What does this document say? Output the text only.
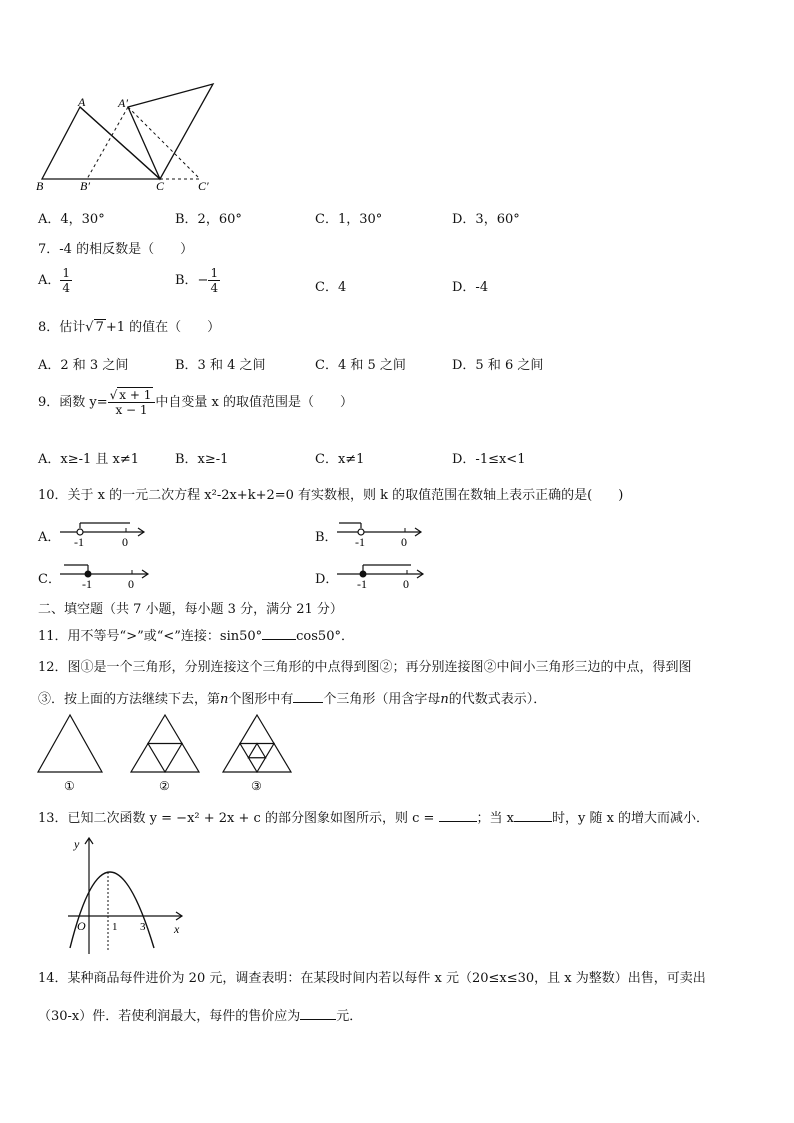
A	A′
B	B′	C	C′
A．4，30°	B．2，60°	C．1，30°	D．3，60°
7．-4 的相反数是（　　）
A． $\frac{1}{4}$	B．− $\frac{1}{4}$	C．4	D．-4
8．估计√ 7 +1 的值在（　　）
A．2 和 3 之间	B．3 和 4 之间	C．4 和 5 之间	D．5 和 6 之间
9．函数 $y= \frac{√ x + 1}{x - 1}$ 中自变量 x 的取值范围是（　　）
A．x≥-1 且 x≠1	B．x≥-1	C．x≠1	D．-1≤x<1
10．关于 x 的一元二次方程 x²-2x+k+2=0 有实数根，则 k 的取值范围在数轴上表示正确的是(　　)
A． -1	0	B． -1	0
C． -1	0	D． -1	0
二、填空题（共 7 小题，每小题 3 分，满分 21 分）
11．用不等号“>”或“<”连接：sin50°	cos50°．
12．图①是一个三角形，分别连接这个三角形的中点得到图②；再分别连接图②中间小三角形三边的中点，得到图
③．按上面的方法继续下去，第n个图形中有 个三角形（用含字母n的代数式表示）．
①	②	③
13．已知二次函数 y = −x² + 2x + c 的部分图象如图所示，则 c =	；当 x	时，y 随 x 的增大而减小．
y
x
O 1 3
14．某种商品每件进价为 20 元，调查表明：在某段时间内若以每件 x 元（20≤x≤30，且 x 为整数）出售，可卖出
（30-x）件．若使利润最大，每件的售价应为	元．
